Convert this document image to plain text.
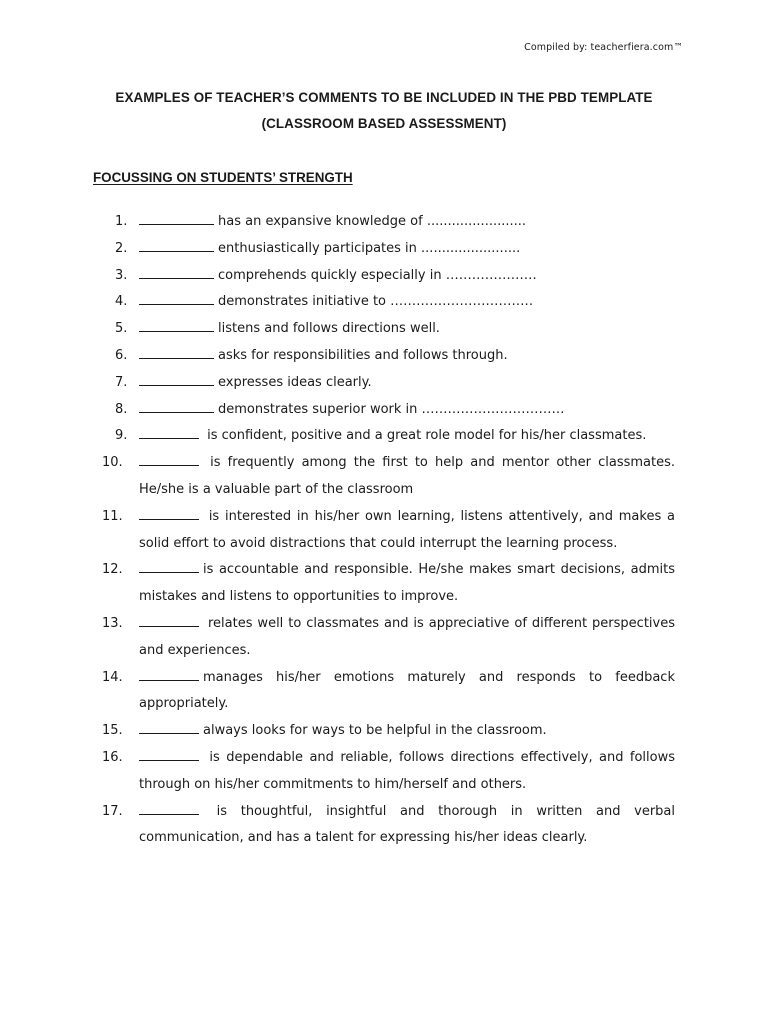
Compiled by: teacherfiera.com™
EXAMPLES OF TEACHER’S COMMENTS TO BE INCLUDED IN THE PBD TEMPLATE
(CLASSROOM BASED ASSESSMENT)
FOCUSSING ON STUDENTS’ STRENGTH
1.	has an expansive knowledge of ........................
2.	enthusiastically participates in ........................
3.	comprehends quickly especially in …………………
4.	demonstrates initiative to ……………………………
5.	listens and follows directions well.
6.	asks for responsibilities and follows through.
7.	expresses ideas clearly.
8.	demonstrates superior work in ……………………………
9.	is confident, positive and a great role model for his/her classmates.
10.	is frequently among the first to help and mentor other classmates. He/she is a valuable part of the classroom
11.	is interested in his/her own learning, listens attentively, and makes a solid effort to avoid distractions that could interrupt the learning process.
12.	is accountable and responsible. He/she makes smart decisions, admits mistakes and listens to opportunities to improve.
13.	relates well to classmates and is appreciative of different perspectives and experiences.
14.	manages his/her emotions maturely and responds to feedback appropriately.
15.	always looks for ways to be helpful in the classroom.
16.	is dependable and reliable, follows directions effectively, and follows through on his/her commitments to him/herself and others.
17.	is thoughtful, insightful and thorough in written and verbal communication, and has a talent for expressing his/her ideas clearly.
